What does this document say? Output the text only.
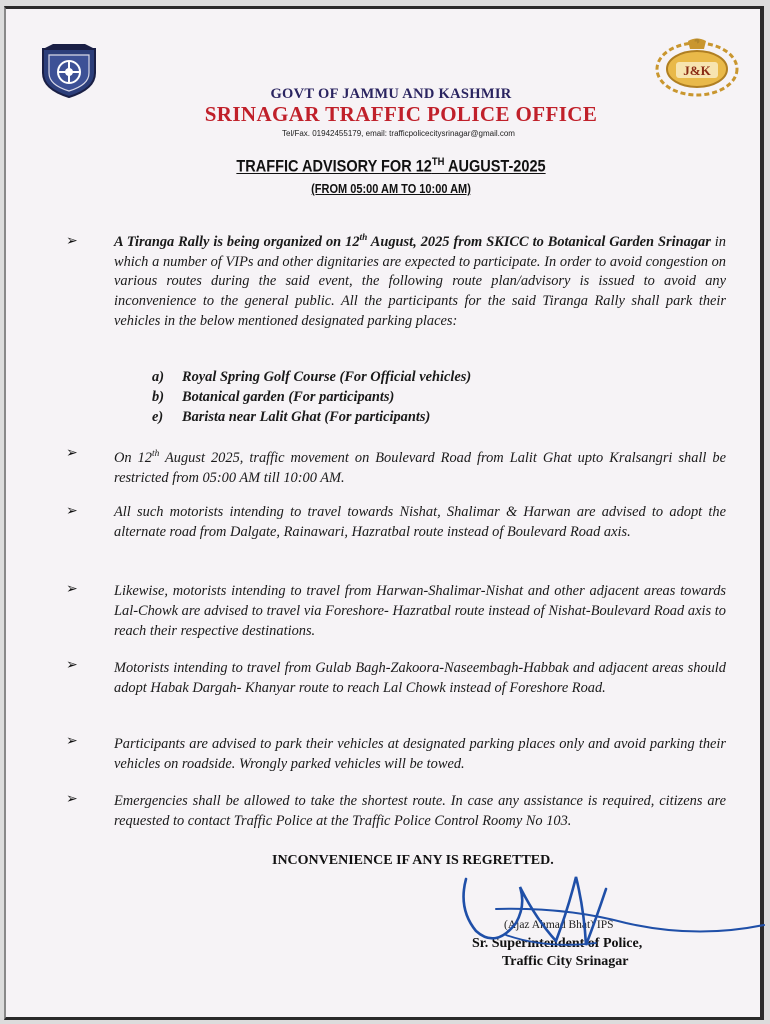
J&K
GOVT OF JAMMU AND KASHMIR
SRINAGAR TRAFFIC POLICE OFFICE
Tel/Fax. 01942455179, email: trafficpolicecitysrinagar@gmail.com
TRAFFIC ADVISORY FOR 12TH AUGUST-2025
(FROM 05:00 AM TO 10:00 AM)
➢	A Tiranga Rally is being organized on 12th August, 2025 from SKICC to Botanical Garden Srinagar in which a number of VIPs and other dignitaries are expected to participate. In order to avoid congestion on various routes during the said event, the following route plan/advisory is issued to avoid any inconvenience to the general public. All the participants for the said Tiranga Rally shall park their vehicles in the below mentioned designated parking places:
a) Royal Spring Golf Course (For Official vehicles)
b) Botanical garden (For participants)
e) Barista near Lalit Ghat (For participants)
➢	On 12th August 2025, traffic movement on Boulevard Road from Lalit Ghat upto Kralsangri shall be restricted from 05:00 AM till 10:00 AM.
➢	All such motorists intending to travel towards Nishat, Shalimar & Harwan are advised to adopt the alternate road from Dalgate, Rainawari, Hazratbal route instead of Boulevard Road axis.
➢	Likewise, motorists intending to travel from Harwan-Shalimar-Nishat and other adjacent areas towards Lal-Chowk are advised to travel via Foreshore- Hazratbal route instead of Nishat-Boulevard Road axis to reach their respective destinations.
➢	Motorists intending to travel from Gulab Bagh-Zakoora-Naseembagh-Habbak and adjacent areas should adopt Habak Dargah- Khanyar route to reach Lal Chowk instead of Foreshore Road.
➢	Participants are advised to park their vehicles at designated parking places only and avoid parking their vehicles on roadside. Wrongly parked vehicles will be towed.
➢	Emergencies shall be allowed to take the shortest route. In case any assistance is required, citizens are requested to contact Traffic Police at the Traffic Police Control Roomy No 103.
INCONVENIENCE IF ANY IS REGRETTED.
(Ajaz Ahmad Bhat) IPS
Sr. Superintendent of Police,
Traffic City Srinagar
